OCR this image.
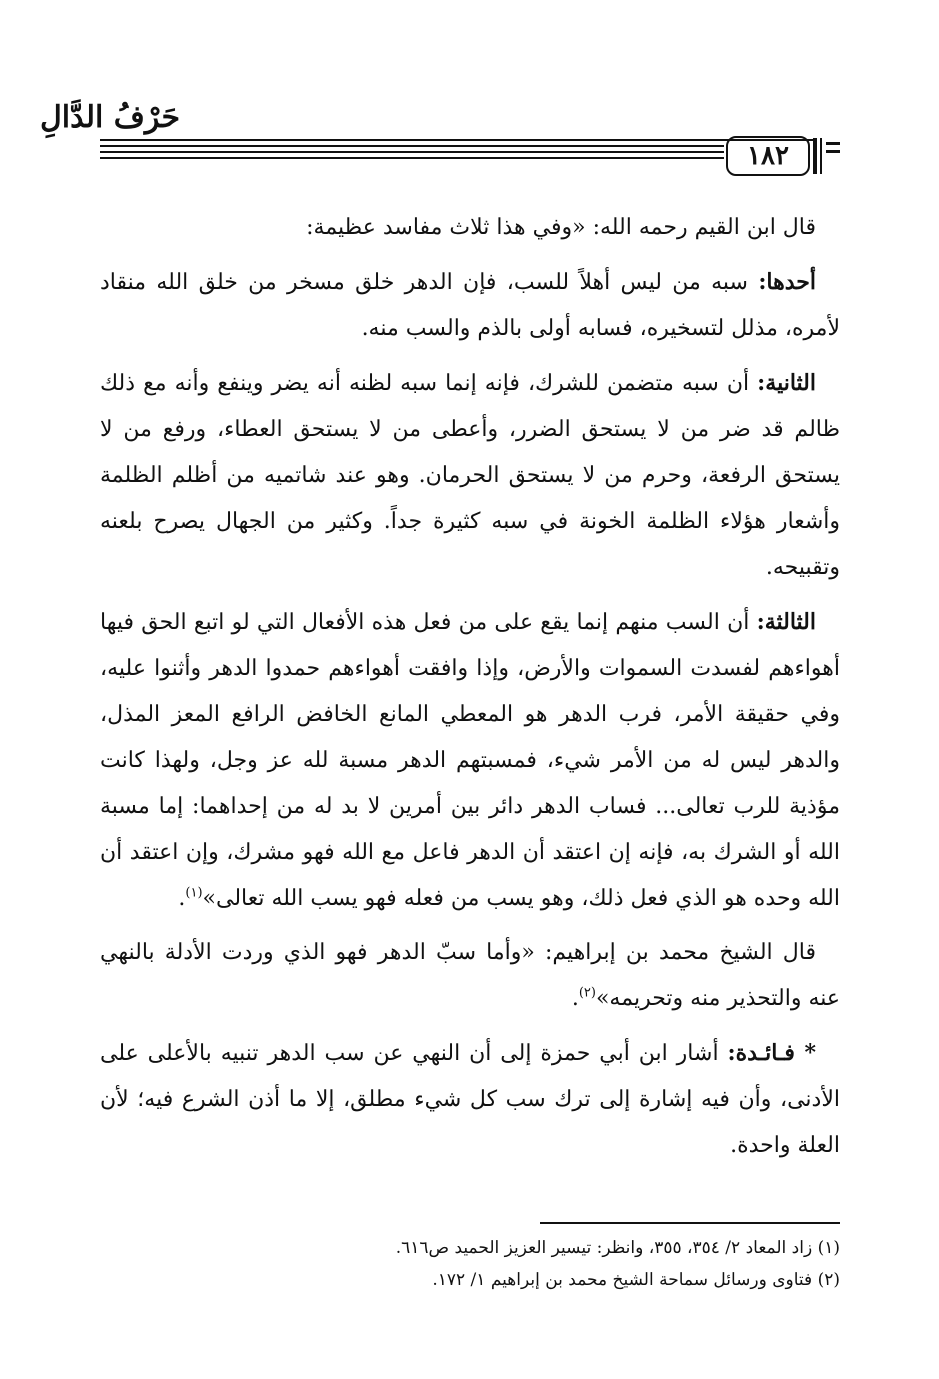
حَرْفُ الدَّالِ
١٨٢

قال ابن القيم رحمه الله: «وفي هذا ثلاث مفاسد عظيمة:

أحدها: سبه من ليس أهلاً للسب، فإن الدهر خلق مسخر من خلق الله منقاد لأمره، مذلل لتسخيره، فسابه أولى بالذم والسب منه.

الثانية: أن سبه متضمن للشرك، فإنه إنما سبه لظنه أنه يضر وينفع وأنه مع ذلك ظالم قد ضر من لا يستحق الضرر، وأعطى من لا يستحق العطاء، ورفع من لا يستحق الرفعة، وحرم من لا يستحق الحرمان. وهو عند شاتميه من أظلم الظلمة وأشعار هؤلاء الظلمة الخونة في سبه كثيرة جداً. وكثير من الجهال يصرح بلعنه وتقبيحه.

الثالثة: أن السب منهم إنما يقع على من فعل هذه الأفعال التي لو اتبع الحق فيها أهواءهم لفسدت السموات والأرض، وإذا وافقت أهواءهم حمدوا الدهر وأثنوا عليه، وفي حقيقة الأمر، فرب الدهر هو المعطي المانع الخافض الرافع المعز المذل، والدهر ليس له من الأمر شيء، فمسبتهم الدهر مسبة لله عز وجل، ولهذا كانت مؤذية للرب تعالى... فساب الدهر دائر بين أمرين لا بد له من إحداهما: إما مسبة الله أو الشرك به، فإنه إن اعتقد أن الدهر فاعل مع الله فهو مشرك، وإن اعتقد أن الله وحده هو الذي فعل ذلك، وهو يسب من فعله فهو يسب الله تعالى»$^{(١)}$.

قال الشيخ محمد بن إبراهيم: «وأما سبّ الدهر فهو الذي وردت الأدلة بالنهي عنه والتحذير منه وتحريمه»$^{(٢)}$.

* فـائـدة: أشار ابن أبي حمزة إلى أن النهي عن سب الدهر تنبيه بالأعلى على الأدنى، وأن فيه إشارة إلى ترك سب كل شيء مطلق، إلا ما أذن الشرع فيه؛ لأن العلة واحدة.

(١) زاد المعاد ٢/ ٣٥٤، ٣٥٥، وانظر: تيسير العزيز الحميد ص٦١٦.

(٢) فتاوى ورسائل سماحة الشيخ محمد بن إبراهيم ١/ ١٧٢.
